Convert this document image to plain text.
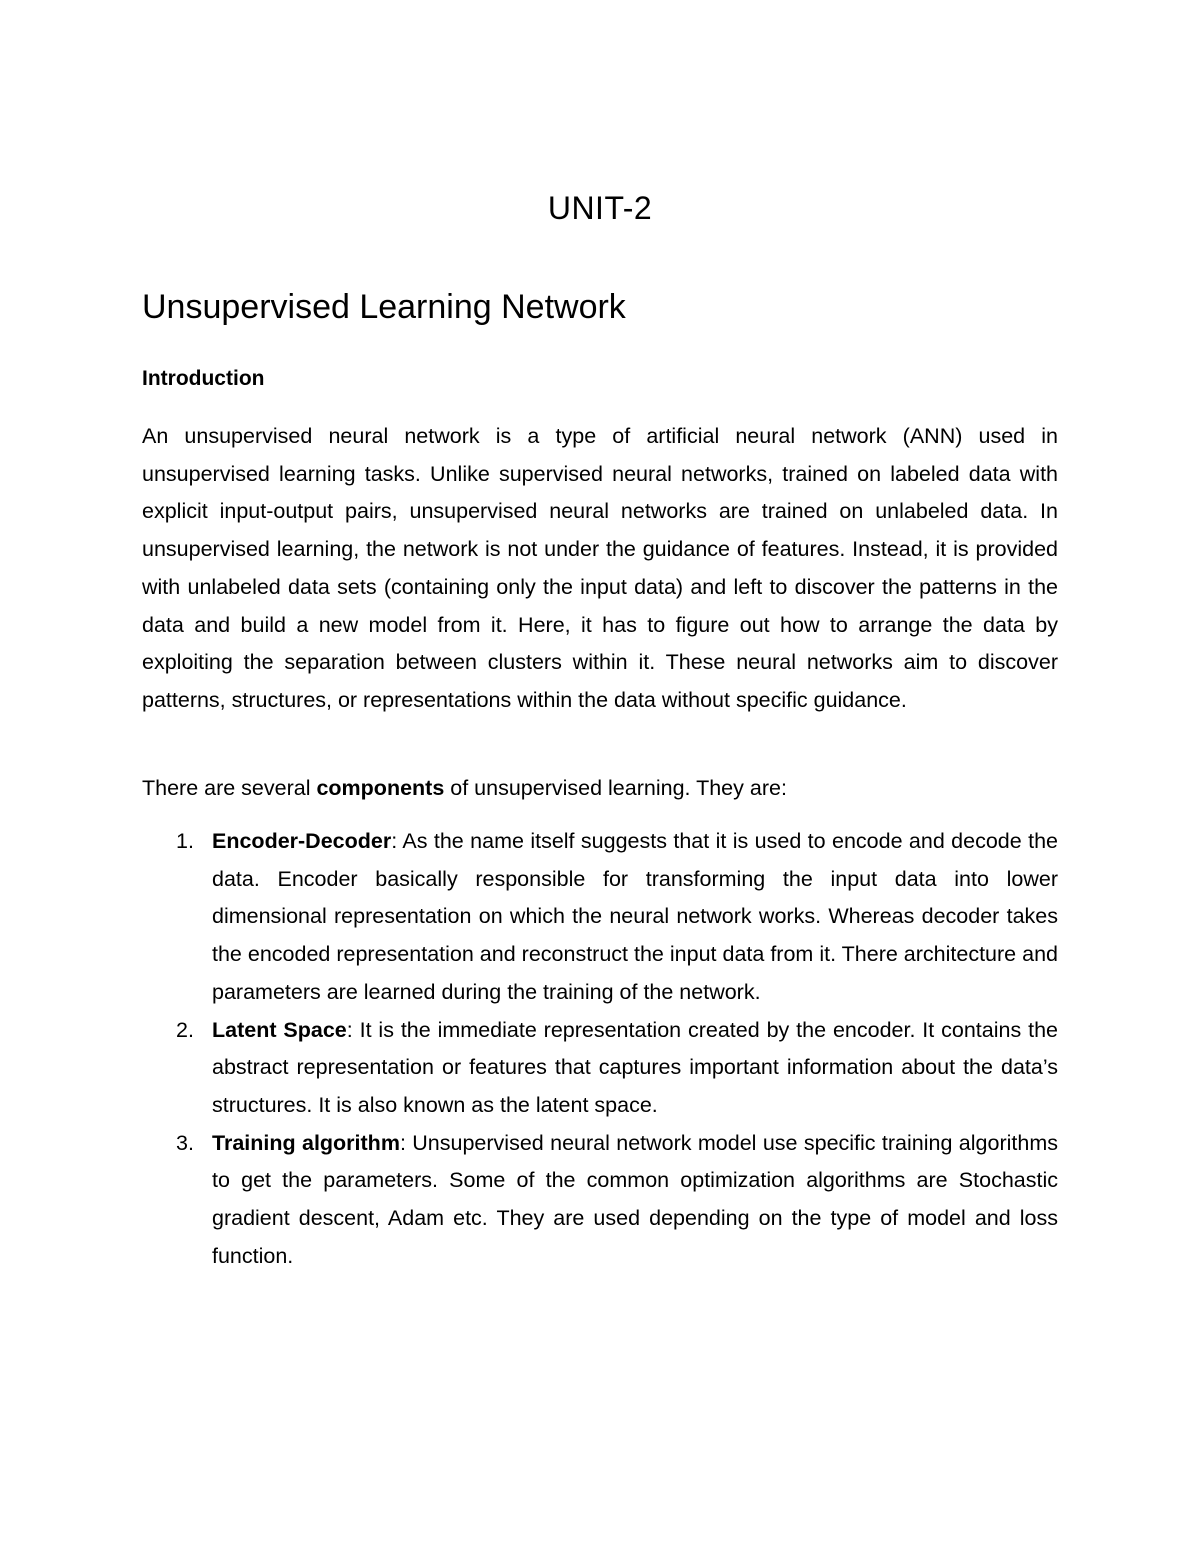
UNIT-2
Unsupervised Learning Network
Introduction

An unsupervised neural network is a type of artificial neural network (ANN) used in unsupervised learning tasks. Unlike supervised neural networks, trained on labeled data with explicit input-output pairs, unsupervised neural networks are trained on unlabeled data. In unsupervised learning, the network is not under the guidance of features. Instead, it is provided with unlabeled data sets (containing only the input data) and left to discover the patterns in the data and build a new model from it. Here, it has to figure out how to arrange the data by exploiting the separation between clusters within it. These neural networks aim to discover patterns, structures, or representations within the data without specific guidance.

There are several components of unsupervised learning. They are:

1. Encoder-Decoder: As the name itself suggests that it is used to encode and decode the data. Encoder basically responsible for transforming the input data into lower dimensional representation on which the neural network works. Whereas decoder takes the encoded representation and reconstruct the input data from it. There architecture and parameters are learned during the training of the network.
2. Latent Space: It is the immediate representation created by the encoder. It contains the abstract representation or features that captures important information about the data’s structures. It is also known as the latent space.
3. Training algorithm: Unsupervised neural network model use specific training algorithms to get the parameters. Some of the common optimization algorithms are Stochastic gradient descent, Adam etc. They are used depending on the type of model and loss function.
